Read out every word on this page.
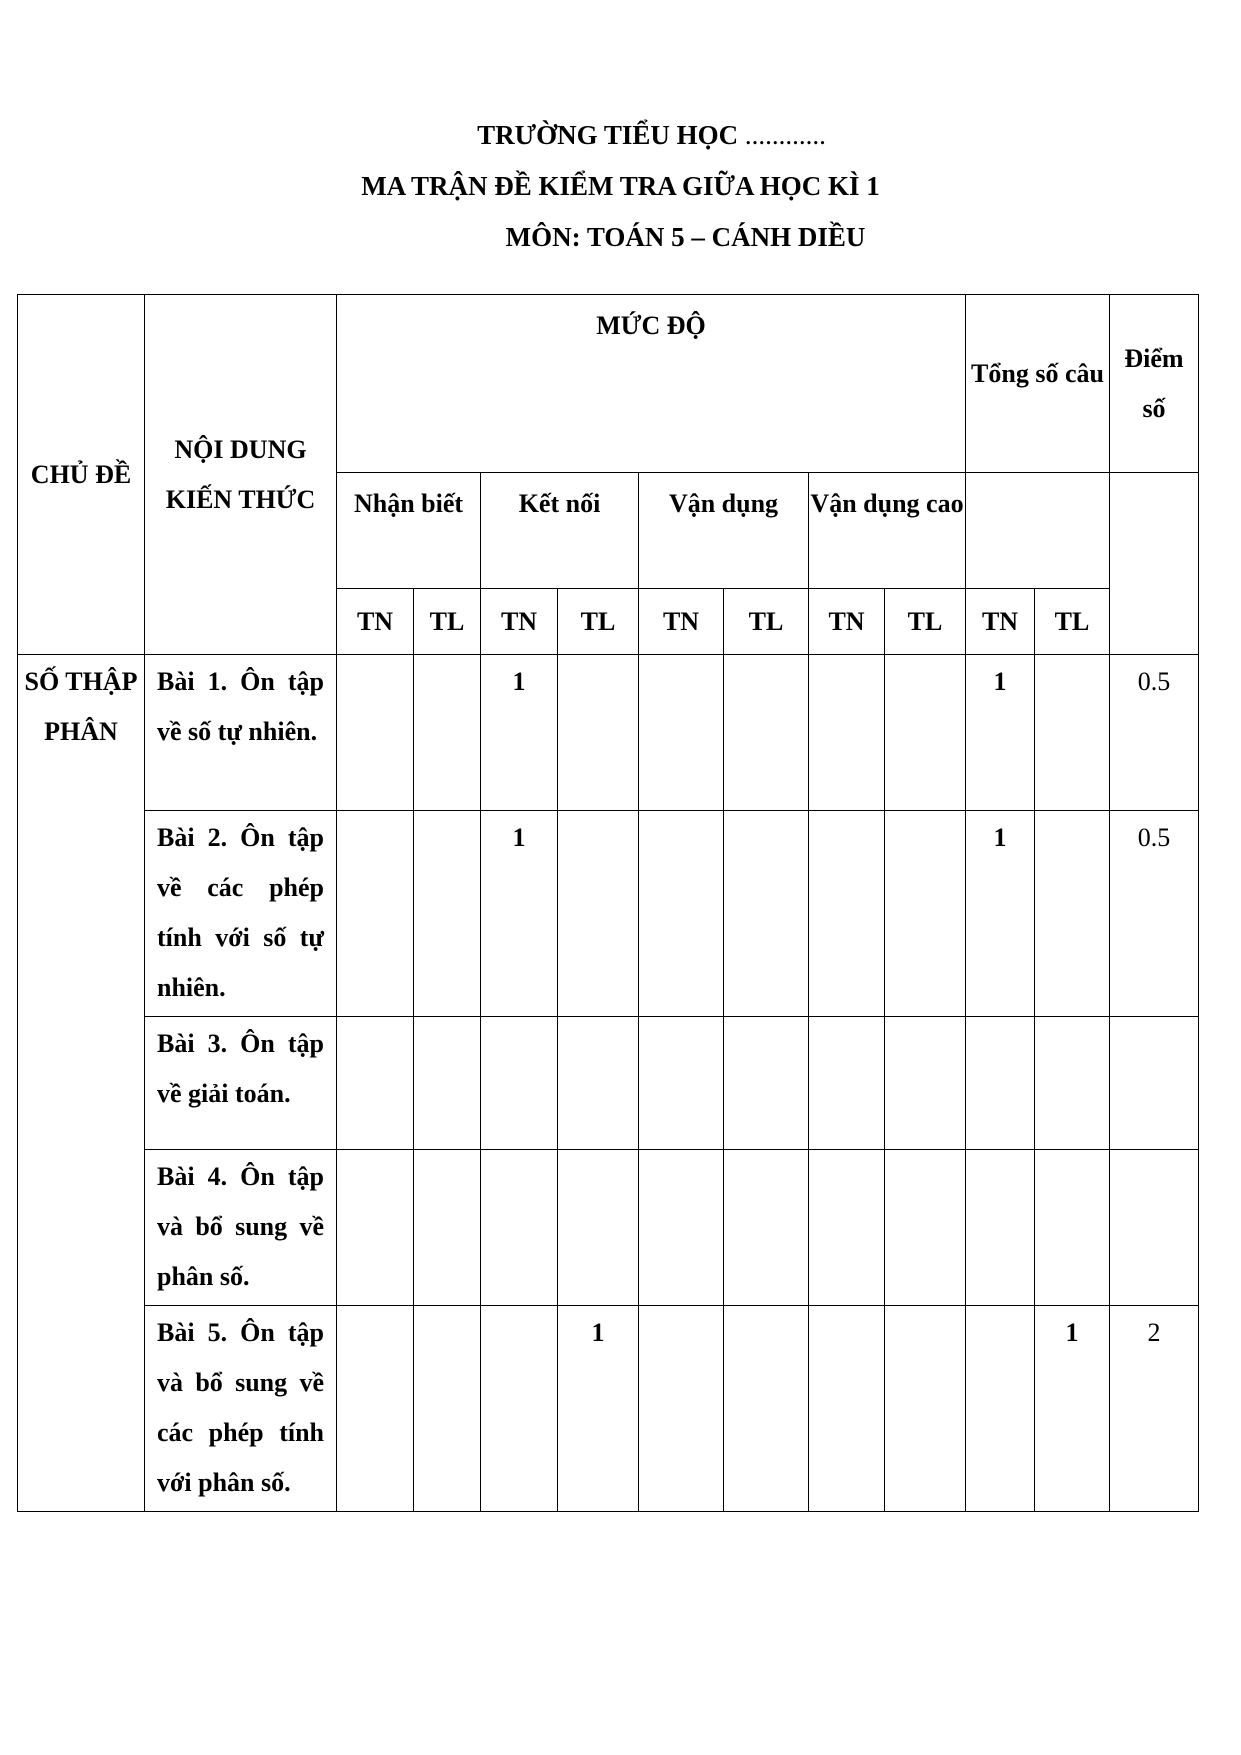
TRƯỜNG TIỂU HỌC ............
MA TRẬN ĐỀ KIỂM TRA GIỮA HỌC KÌ 1
MÔN: TOÁN 5 – CÁNH DIỀU
CHỦ ĐỀ	NỘI DUNG KIẾN THỨC	MỨC ĐỘ								Tổng số câu		Điểm số
		Nhận biết		Kết nối		Vận dụng		Vận dụng cao				
		TN	TL	TN	TL	TN	TL	TN	TL	TN	TL	
SỐ THẬP PHÂN	Bài 1. Ôn tập về số tự nhiên.			1						1		0.5
	Bài 2. Ôn tập về các phép tính với số tự nhiên.			1						1		0.5
	Bài 3. Ôn tập về giải toán.											
	Bài 4. Ôn tập và bổ sung về phân số.											
	Bài 5. Ôn tập và bổ sung về các phép tính với phân số.				1						1	2
